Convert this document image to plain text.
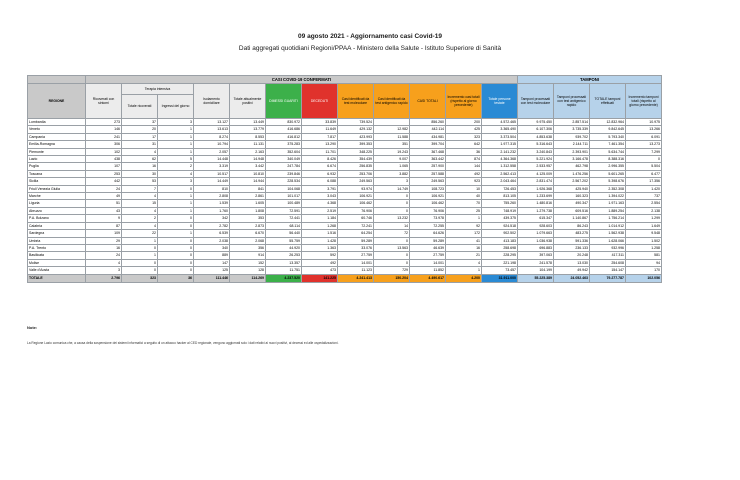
09 agosto 2021 - Aggiornamento casi Covid-19
Dati aggregati quotidiani Regioni/PPAA - Ministero della Salute - Istituto Superiore di Sanità
	CASI COVID-19 CONFERMATI												TAMPONI			
REGIONE	Ricoverati con sintomi	Terapia intensiva		Isolamento domiciliare	Totale attualmente positivi	DIMESSI GUARITI	DECEDUTI	Casi identificati da test molecolare	Casi identificati da test antigenico rapido	CASI TOTALI	Incremento casi totali (rispetto al giorno precedente)	Totale persone testate	Tamponi processati con test molecolare	Tamponi processati con test antigenico rapido	TOTALE tamponi effettuati	Incremento tamponi totali (rispetto al giorno precedente)
		Totale ricoverati	Ingressi del giorno													
Lombardia	273	37	3	13.127	13.449	830.972	33.839	739.524		856.260	200	4.572.465	9.975.450	2.857.514	12.832.964	10.975
Veneto	146	20	1	13.613	13.779	416.686	11.649	429.132	12.982	442.114	425	3.365.490	6.107.306	3.735.339	9.842.645	13.266
Campania	241	17	1	8.274	8.553	416.812	7.817	423.993	11.588	434.981	323	3.373.504	4.853.638	939.702	5.793.340	6.091
Emilia-Romagna	306	31	1	10.794	11.131	375.283	13.290	399.353	351	399.704	642	1.977.315	5.316.643	2.144.711	7.461.354	13.273
Piemonte	102	4	1	2.057	2.163	352.604	11.701	348.225	19.243	367.468	36	2.141.232	3.240.843	2.393.901	5.634.744	7.299
Lazio	438	62	5	14.448	14.948	340.049	8.426	354.439	9.007	363.442	874	4.364.368	5.221.924	3.166.478	8.388.316	0
Puglia	107	16	2	3.319	3.442	247.784	6.674	256.835	1.065	257.900	144	1.312.558	2.533.957	462.798	2.996.355	5.504
Toscana	253	30	4	10.517	10.810	239.846	6.932	253.706	3.882	257.588	492	2.562.413	4.125.009	1.476.256	5.601.265	6.477
Sicilia	442	53	3	14.449	14.944	228.534	6.088	249.563	3	249.563	923	2.043.464	2.831.474	2.567.202	5.398.676	17.356
Friuli Venezia Giulia	24	7	0	810	841	104.068	3.791	93.974	14.749	108.723	10	726.453	1.926.368	425.940	2.352.308	1.420
Marche	49	4	1	2.808	2.861	101.017	3.043	106.921	0	106.921	40	813.105	1.233.699	160.323	1.394.022	737
Liguria	51	15	1	1.539	1.605	100.489	4.368	106.462	0	106.462	70	755.260	1.480.816	490.347	1.971.163	2.554
Abruzzo	43	4	1	1.760	1.808	72.591	2.519	76.906	0	76.906	25	748.919	1.279.738	609.516	1.889.254	2.138
P.A. Bolzano	9	2	0	342	353	72.441	1.184	60.746	13.232	73.978	1	439.375	615.347	1.140.867	1.756.214	1.299
Calabria	87	4	0	2.782	2.873	68.114	1.268	72.241	14	72.255	92	924.518	928.603	86.243	1.014.912	1.649
Sardegna	109	22	1	6.539	6.670	56.440	1.516	64.254	72	64.626	172	902.502	1.079.663	483.275	1.562.938	9.548
Umbria	29	1	0	2.038	2.068	55.759	1.428	59.289	0	59.289	41	413.183	1.036.938	591.336	1.628.066	1.502
P.A. Trento	16	0	0	340	356	44.920	1.363	33.076	13.563	46.639	16	258.698	696.883	236.133	932.996	1.258
Basilicata	24	1	0	889	914	26.253	592	27.759	0	27.759	21	228.295	397.063	20.248	417.311	581
Molise	4	0	0	147	152	13.357	492	14.001	0	14.001	4	221.198	241.578	13.030	254.608	94
Valle d'Aosta	3	0	0	125	128	11.751	473	11.123	729	11.852	1	73.457	104.199	49.942	154.147	170
TOTALE	2.796	323	36	111.446	114.269	4.237.520	141.225	4.241.413	150.204	4.490.617	4.200	31.911.000	55.225.389	24.052.463	79.277.787	102.056
Note:
La Regione Lazio comunica che, a causa della sospensione dei sistemi informatici a seguito di un attacco hacker al CED regionale, vengono aggiornati solo i dati relativi ai nuovi positivi, ai decessi ed alle ospedalizzazioni.
